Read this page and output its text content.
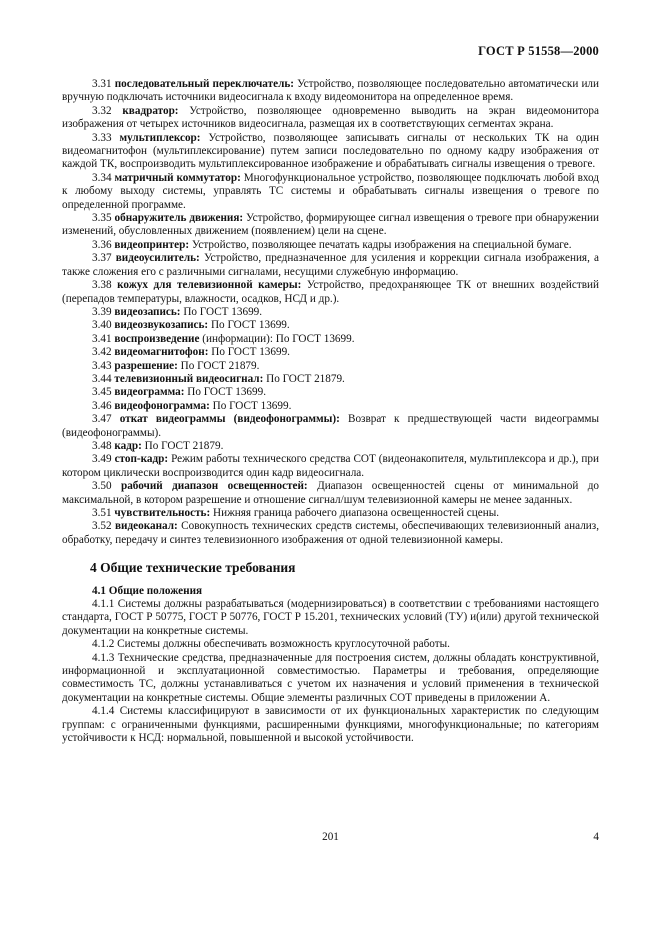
ГОСТ Р 51558—2000

3.31 последовательный переключатель: Устройство, позволяющее последовательно автоматически или вручную подключать источники видеосигнала к входу видеомонитора на определенное время.

3.32 квадратор: Устройство, позволяющее одновременно выводить на экран видеомонитора изображения от четырех источников видеосигнала, размещая их в соответствующих сегментах экрана.

3.33 мультиплексор: Устройство, позволяющее записывать сигналы от нескольких ТК на один видеомагнитофон (мультиплексирование) путем записи последовательно по одному кадру изображения от каждой ТК, воспроизводить мультиплексированное изображение и обрабатывать сигналы извещения о тревоге.

3.34 матричный коммутатор: Многофункциональное устройство, позволяющее подключать любой вход к любому выходу системы, управлять ТС системы и обрабатывать сигналы извещения о тревоге по определенной программе.

3.35 обнаружитель движения: Устройство, формирующее сигнал извещения о тревоге при обнаружении изменений, обусловленных движением (появлением) цели на сцене.

3.36 видеопринтер: Устройство, позволяющее печатать кадры изображения на специальной бумаге.

3.37 видеоусилитель: Устройство, предназначенное для усиления и коррекции сигнала изображения, а также сложения его с различными сигналами, несущими служебную информацию.

3.38 кожух для телевизионной камеры: Устройство, предохраняющее ТК от внешних воздействий (перепадов температуры, влажности, осадков, НСД и др.).

3.39 видеозапись: По ГОСТ 13699.

3.40 видеозвукозапись: По ГОСТ 13699.

3.41 воспроизведение (информации): По ГОСТ 13699.

3.42 видеомагнитофон: По ГОСТ 13699.

3.43 разрешение: По ГОСТ 21879.

3.44 телевизионный видеосигнал: По ГОСТ 21879.

3.45 видеограмма: По ГОСТ 13699.

3.46 видеофонограмма: По ГОСТ 13699.

3.47 откат видеограммы (видеофонограммы): Возврат к предшествующей части видеограммы (видеофонограммы).

3.48 кадр: По ГОСТ 21879.

3.49 стоп-кадр: Режим работы технического средства СОТ (видеонакопителя, мультиплексора и др.), при котором циклически воспроизводится один кадр видеосигнала.

3.50 рабочий диапазон освещенностей: Диапазон освещенностей сцены от минимальной до максимальной, в котором разрешение и отношение сигнал/шум телевизионной камеры не менее заданных.

3.51 чувствительность: Нижняя граница рабочего диапазона освещенностей сцены.

3.52 видеоканал: Совокупность технических средств системы, обеспечивающих телевизионный анализ, обработку, передачу и синтез телевизионного изображения от одной телевизионной камеры.

4 Общие технические требования

4.1 Общие положения

4.1.1 Системы должны разрабатываться (модернизироваться) в соответствии с требованиями настоящего стандарта, ГОСТ Р 50775, ГОСТ Р 50776, ГОСТ Р 15.201, технических условий (ТУ) и(или) другой технической документации на конкретные системы.

4.1.2 Системы должны обеспечивать возможность круглосуточной работы.

4.1.3 Технические средства, предназначенные для построения систем, должны обладать конструктивной, информационной и эксплуатационной совместимостью. Параметры и требования, определяющие совместимость ТС, должны устанавливаться с учетом их назначения и условий применения в технической документации на конкретные системы. Общие элементы различных СОТ приведены в приложении А.

4.1.4 Системы классифицируют в зависимости от их функциональных характеристик по следующим группам: с ограниченными функциями, расширенными функциями, многофункциональные; по категориям устойчивости к НСД: нормальной, повышенной и высокой устойчивости.

201	4
